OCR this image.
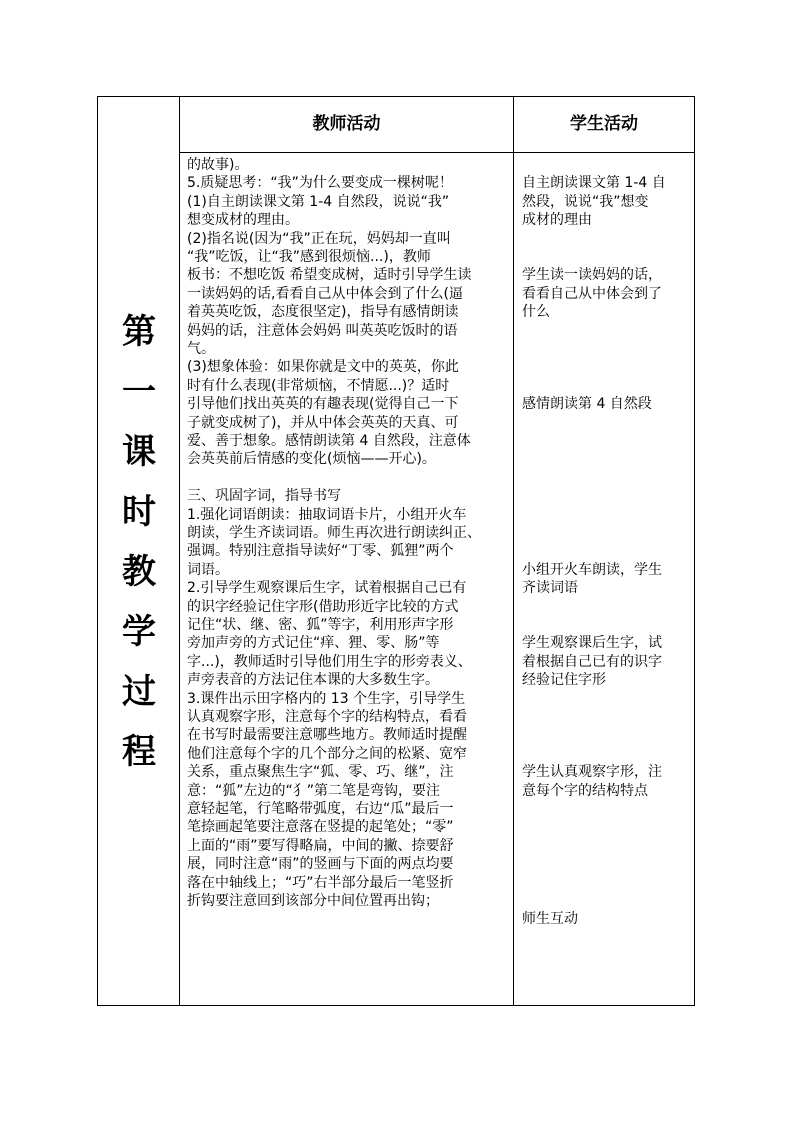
第
一
课
时
教
学
过
程
教师活动	学生活动
的故事)。
5.质疑思考：“我”为什么要变成一棵树呢！
(1)自主朗读课文第 1-4 自然段，说说“我”
想变成材的理由。
(2)指名说(因为“我”正在玩，妈妈却一直叫
“我”吃饭，让“我”感到很烦恼...)，教师
板书：不想吃饭 希望变成树，适时引导学生读
一读妈妈的话,看看自己从中体会到了什么(逼
着英英吃饭，态度很坚定)，指导有感情朗读
妈妈的话，注意体会妈妈 叫英英吃饭时的语
气。
(3)想象体验：如果你就是文中的英英，你此
时有什么表现(非常烦恼，不情愿...)？适时
引导他们找出英英的有趣表现(觉得自己一下
子就变成树了)，并从中体会英英的天真、可
爱、善于想象。感情朗读第 4 自然段，注意体
会英英前后情感的变化(烦恼——开心)。
三、巩固字词，指导书写
1.强化词语朗读：抽取词语卡片，小组开火车
朗读，学生齐读词语。师生再次进行朗读纠正、
强调。特别注意指导读好“丁零、狐狸”两个
词语。
2.引导学生观察课后生字，试着根据自己已有
的识字经验记住字形(借助形近字比较的方式
记住“状、继、密、狐”等字，利用形声字形
旁加声旁的方式记住“痒、狸、零、肠”等
字...)，教师适时引导他们用生字的形旁表义、
声旁表音的方法记住本课的大多数生字。
3.课件出示田字格内的 13 个生字，引导学生
认真观察字形，注意每个字的结构特点，看看
在书写时最需要注意哪些地方。教师适时提醒
他们注意每个字的几个部分之间的松紧、宽窄
关系，重点聚焦生字“狐、零、巧、继”，注
意：“狐”左边的“犭”第二笔是弯钩，要注
意轻起笔，行笔略带弧度，右边“瓜”最后一
笔捺画起笔要注意落在竖提的起笔处；“零”
上面的“雨”要写得略扁，中间的撇、捺要舒
展，同时注意“雨”的竖画与下面的两点均要
落在中轴线上；“巧”右半部分最后一笔竖折
折钩要注意回到该部分中间位置再出钩；
自主朗读课文第 1-4 自
然段，说说“我”想变
成材的理由
学生读一读妈妈的话，
看看自己从中体会到了
什么
感情朗读第 4 自然段
小组开火车朗读，学生
齐读词语
学生观察课后生字，试
着根据自己已有的识字
经验记住字形
学生认真观察字形，注
意每个字的结构特点
师生互动
